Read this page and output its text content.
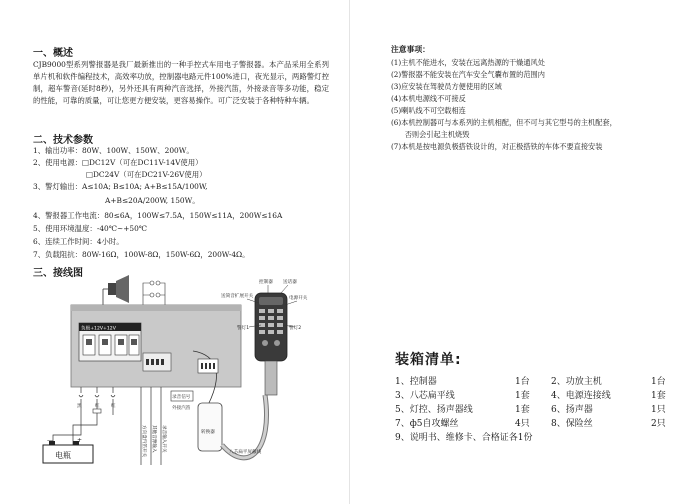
一、概述
CJB9000型系列警报器是我厂最新推出的一种手控式车用电子警报器。本产品采用全系列单片机和软件编程技术，高效率功放，控制器电路元件100%进口，夜光显示，两路警灯控制，超车警音(延时8秒)，另外还具有两种汽音选择，外接汽笛，外接录音等多功能，稳定的性能，可靠的质量，可让您更方便安装，更容易操作。可广泛安装于各种特种车辆。
二、技术参数
1、输出功率：80W、100W、150W、200W。
2、使用电源：□DC12V（可在DC11V-14V使用）
□DC24V（可在DC21V-26V使用）
3、警灯输出：A≤10A; B≤10A; A+B≤15A/100W,
A+B≤20A/200W, 150W。
4、警报器工作电流：80≤6A，100W≤7.5A，150W≤11A，200W≤16A
5、使用环境温度：-40℃~+50℃
6、连续工作时间：4小时。
7、负载阻抗：80W-16Ω，100W-8Ω，150W-6Ω，200W-4Ω。
三、接线图
负极+12V+12V
黑	红 红
—	+
电瓶	方向盘汽笛开关	其他音源输入	录音输入开关
录音信号
外接汽笛
转换器
八芯扁平屏蔽线
控制器 送话器
送简音扩展开关	电源开关
警灯1	警灯2
注意事项：
(1)主机不能进水，安装在远离热源的干燥通风处
(2)警报器不能安装在汽车安全气囊布置的范围内
(3)应安装在驾驶员方便使用的区域
(4)本机电源线不可接反
(5)喇叭线不可空载相连
(6)本机控制器可与本系列的主机相配，但不可与其它型号的主机配套，
否则会引起主机烧毁
(7)本机是按电源负极搭铁设计的，对正极搭铁的车体不要直接安装
装箱清单:
1、控制器	1台 2、功放主机	1台
3、八芯扁平线	1套 4、电源连接线	1套
5、灯控、扬声器线	1套 6、扬声器	1只
7、ф5自攻螺丝	4只 8、保险丝	2只
9、说明书、维修卡、合格证各1份
